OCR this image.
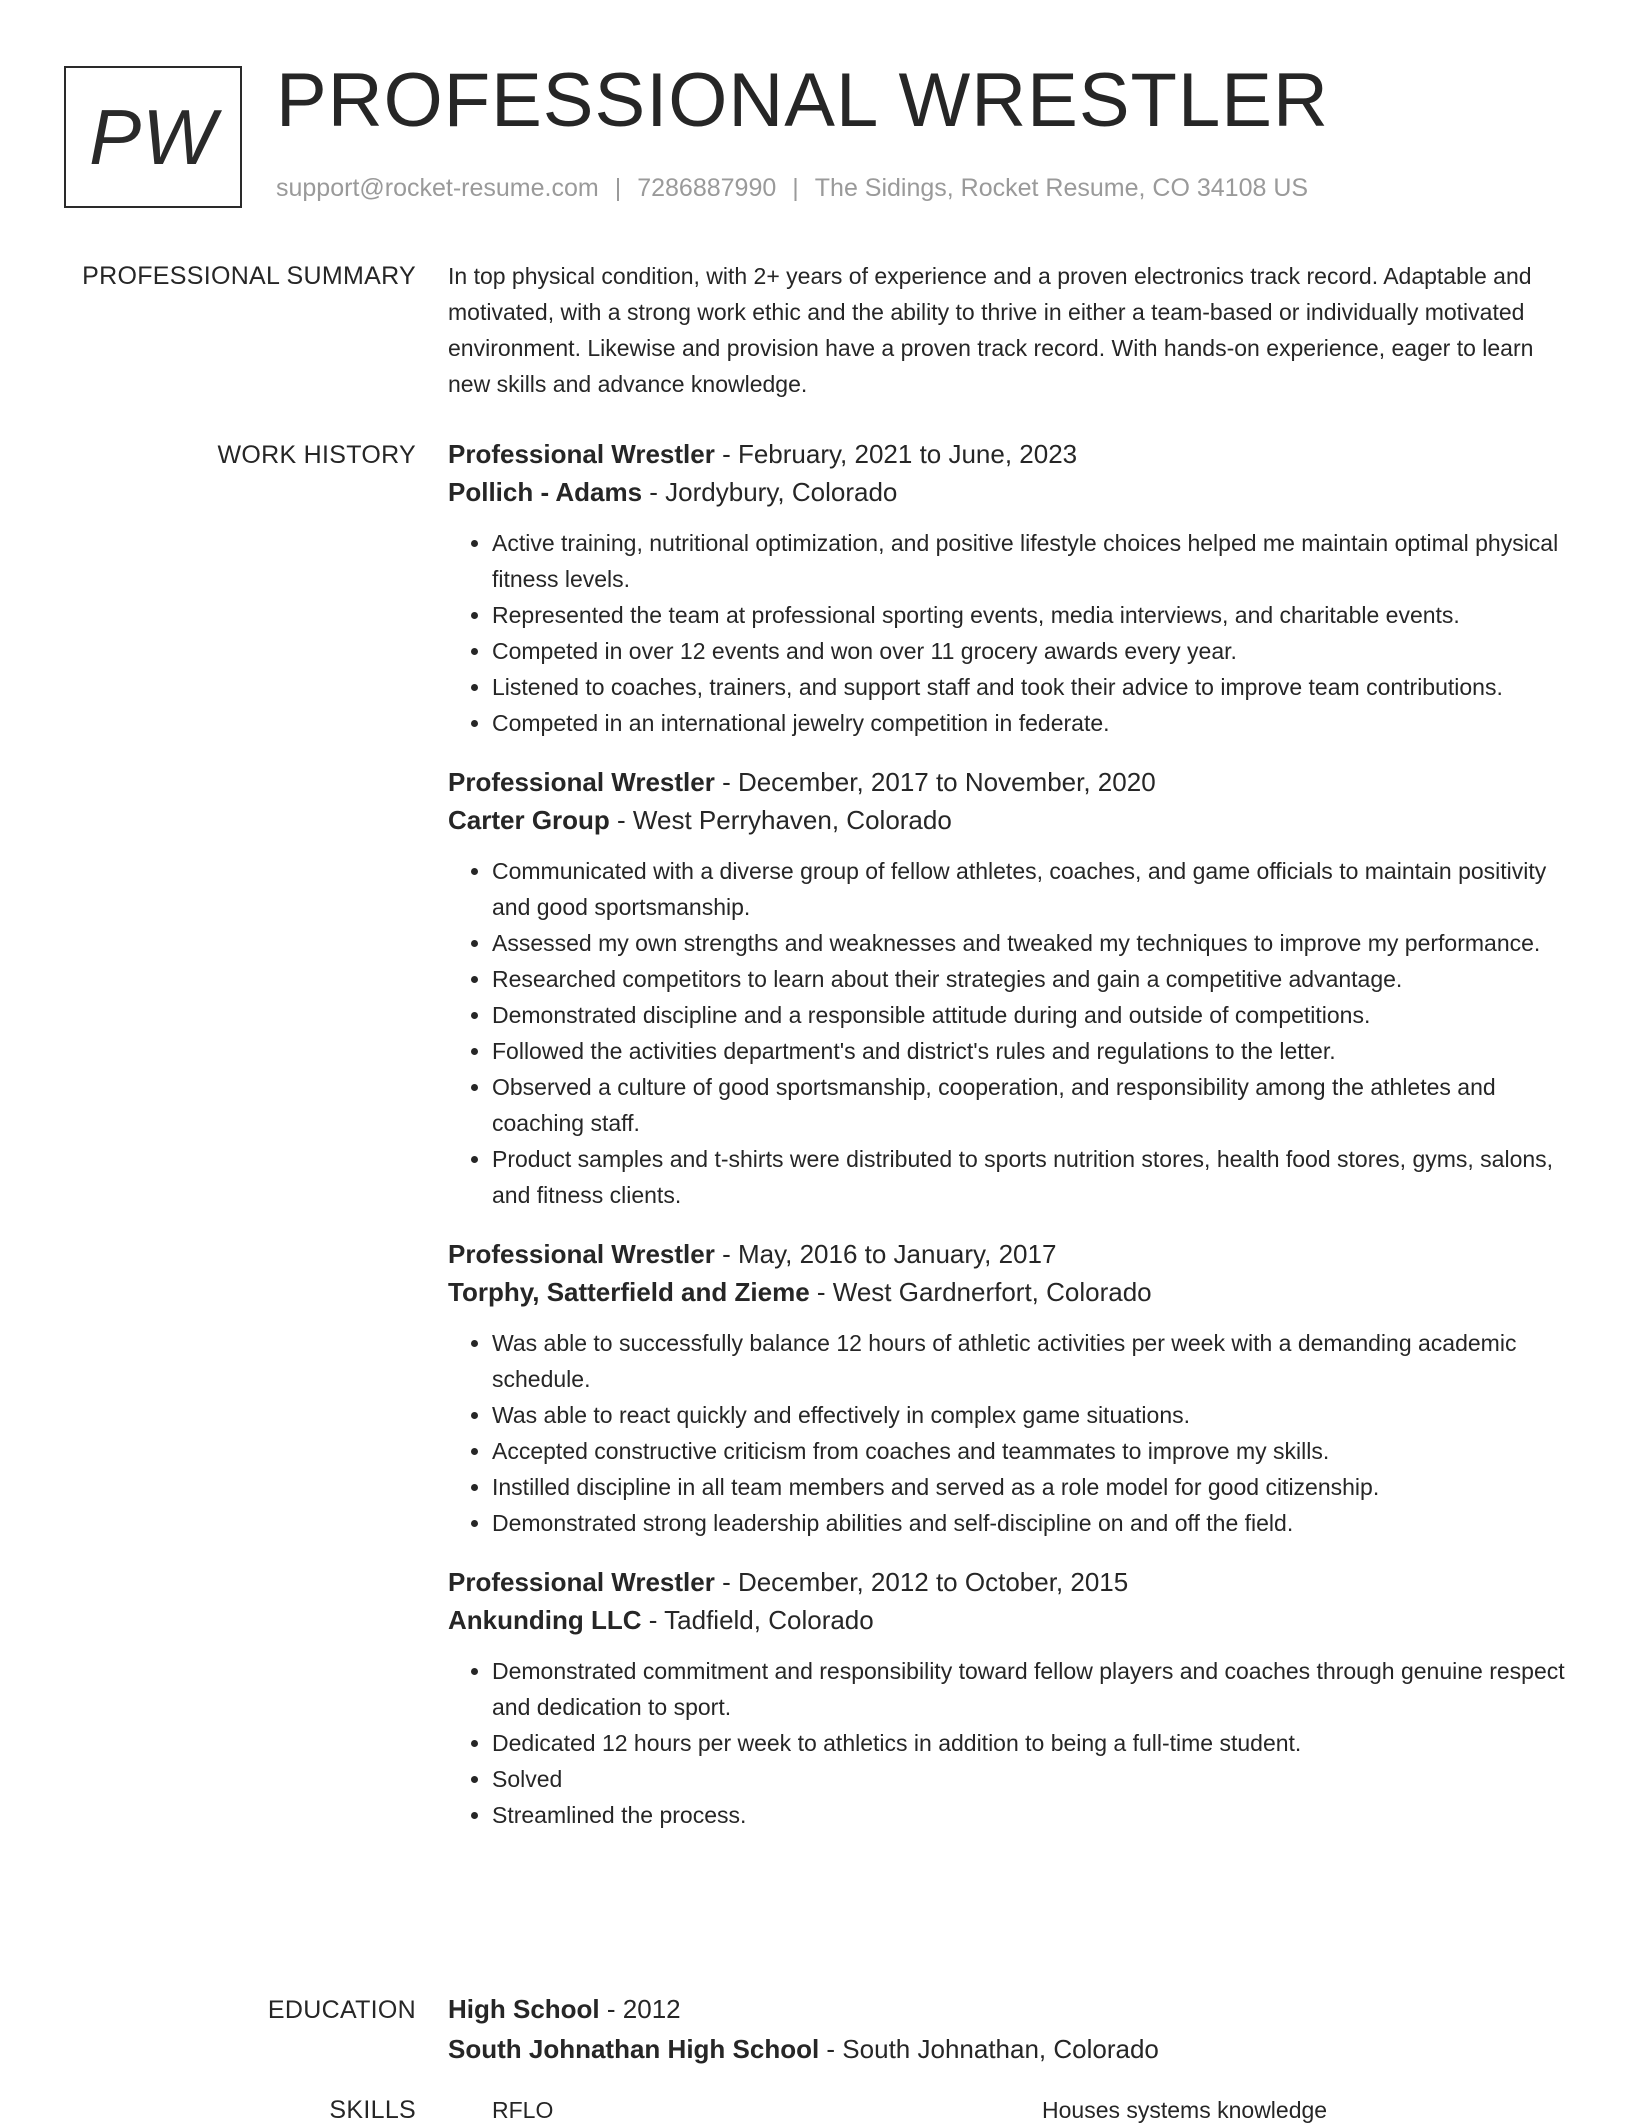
PW PROFESSIONAL WRESTLER
support@rocket-resume.com | 7286887990 | The Sidings, Rocket Resume, CO 34108 US
PROFESSIONAL SUMMARY In top physical condition, with 2+ years of experience and a proven electronics track record. Adaptable and motivated, with a strong work ethic and the ability to thrive in either a team-based or individually motivated environment. Likewise and provision have a proven track record. With hands-on experience, eager to learn new skills and advance knowledge.

WORK HISTORY Professional Wrestler - February, 2021 to June, 2023
Pollich - Adams - Jordybury, Colorado
• Active training, nutritional optimization, and positive lifestyle choices helped me maintain optimal physical fitness levels.
• Represented the team at professional sporting events, media interviews, and charitable events.
• Competed in over 12 events and won over 11 grocery awards every year.
• Listened to coaches, trainers, and support staff and took their advice to improve team contributions.
• Competed in an international jewelry competition in federate.
Professional Wrestler - December, 2017 to November, 2020
Carter Group - West Perryhaven, Colorado
• Communicated with a diverse group of fellow athletes, coaches, and game officials to maintain positivity and good sportsmanship.
• Assessed my own strengths and weaknesses and tweaked my techniques to improve my performance.
• Researched competitors to learn about their strategies and gain a competitive advantage.
• Demonstrated discipline and a responsible attitude during and outside of competitions.
• Followed the activities department's and district's rules and regulations to the letter.
• Observed a culture of good sportsmanship, cooperation, and responsibility among the athletes and coaching staff.
• Product samples and t-shirts were distributed to sports nutrition stores, health food stores, gyms, salons, and fitness clients.
Professional Wrestler - May, 2016 to January, 2017
Torphy, Satterfield and Zieme - West Gardnerfort, Colorado
• Was able to successfully balance 12 hours of athletic activities per week with a demanding academic schedule.
• Was able to react quickly and effectively in complex game situations.
• Accepted constructive criticism from coaches and teammates to improve my skills.
• Instilled discipline in all team members and served as a role model for good citizenship.
• Demonstrated strong leadership abilities and self-discipline on and off the field.
Professional Wrestler - December, 2012 to October, 2015
Ankunding LLC - Tadfield, Colorado
• Demonstrated commitment and responsibility toward fellow players and coaches through genuine respect and dedication to sport.
• Dedicated 12 hours per week to athletics in addition to being a full-time student.
• Solved
• Streamlined the process.
EDUCATION High School - 2012
South Johnathan High School - South Johnathan, Colorado
SKILLS	RFLO	Houses systems knowledge
